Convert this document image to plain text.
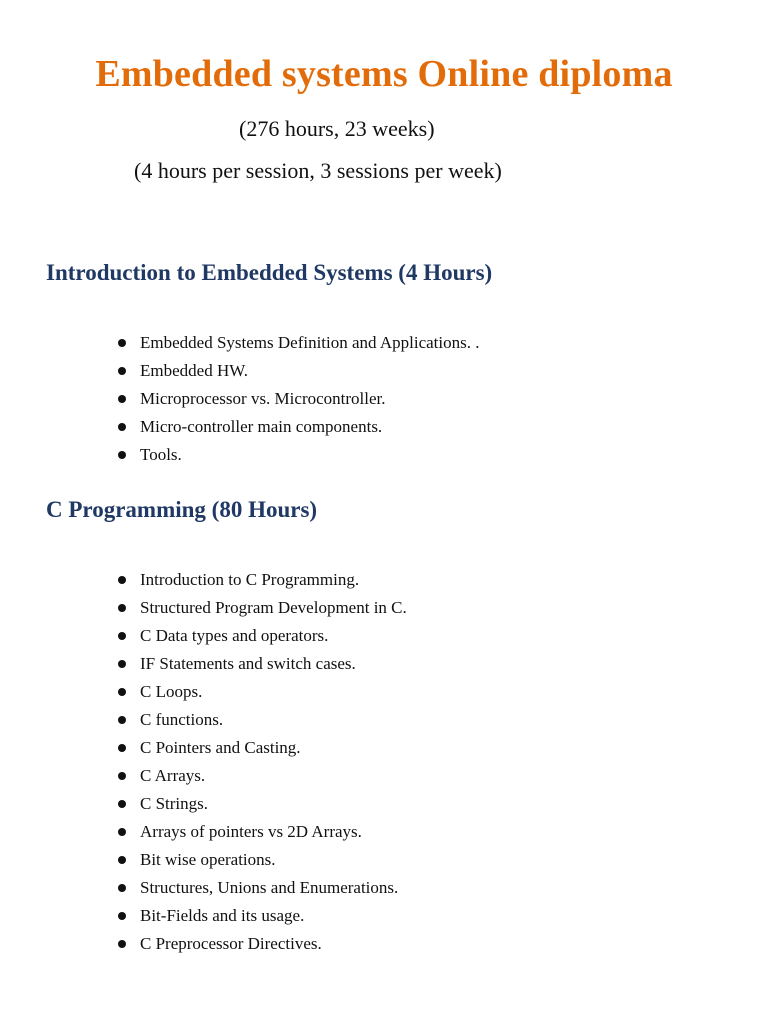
Embedded systems Online diploma

(276 hours, 23 weeks)

(4 hours per session, 3 sessions per week)

Introduction to Embedded Systems (4 Hours)
Embedded Systems Definition and Applications. .
Embedded HW.
Microprocessor vs. Microcontroller.
Micro-controller main components.
Tools.
C Programming (80 Hours)
Introduction to C Programming.
Structured Program Development in C.
C Data types and operators.
IF Statements and switch cases.
C Loops.
C functions.
C Pointers and Casting.
C Arrays.
C Strings.
Arrays of pointers vs 2D Arrays.
Bit wise operations.
Structures, Unions and Enumerations.
Bit-Fields and its usage.
C Preprocessor Directives.
